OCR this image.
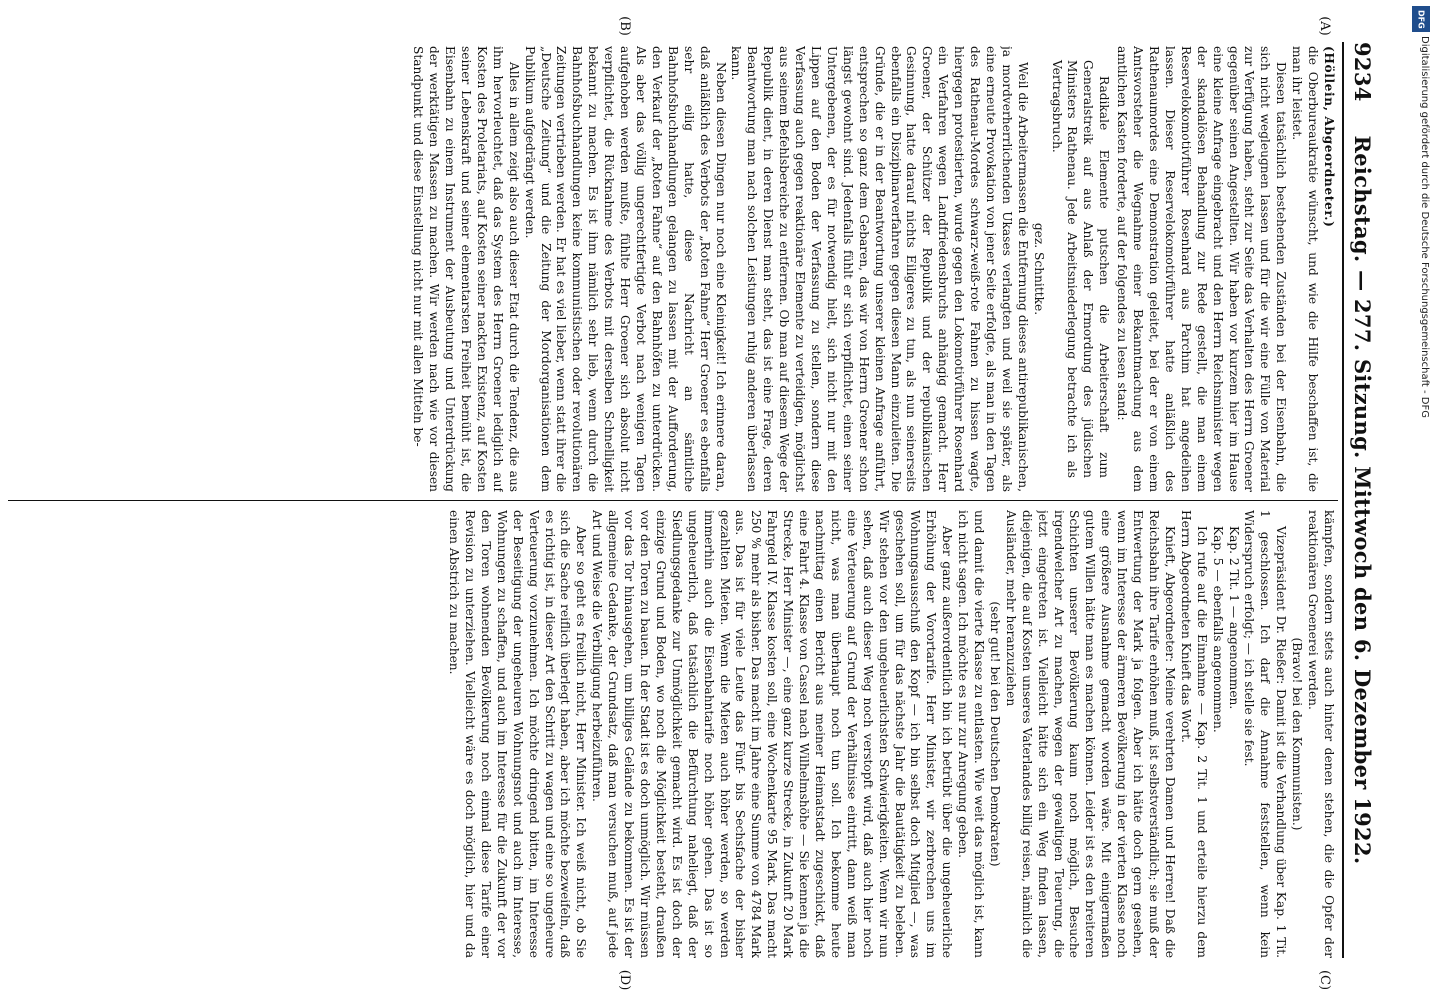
9234
Reichstag. — 277. Sitzung. Mittwoch den 6. Dezember 1922.
(A)
(B)
(C)
(D)

(Höllein, Abgeordneter.)

die Oberbureaukratie wünscht, und wie die Hilfe beschaffen ist, die man ihr leistet.

Diesen tatsächlich bestehenden Zuständen bei der Eisenbahn, die sich nicht wegleugnen lassen und für die wir eine Fülle von Material zur Verfügung haben, steht zur Seite das Verhalten des Herrn Groener gegenüber seinen Angestellten. Wir haben vor kurzem hier im Hause eine kleine Anfrage eingebracht und den Herrn Reichsminister wegen der skandalösen Behandlung zur Rede gestellt, die man einem Reservelokomotivführer Rosenhard aus Parchim hat angedeihen lassen. Dieser Reservelokomotivführer hatte anläßlich des Rathenaumordes eine Demonstration geleitet, bei der er von einem Amtsvorsteher die Wegnahme einer Bekanntmachung aus dem amtlichen Kasten forderte, auf der folgendes zu lesen stand:

Radikale Elemente putschen die Arbeiterschaft zum Generalstreik auf aus Anlaß der Ermordung des jüdischen Ministers Rathenau. Jede Arbeitsniederlegung betrachte ich als Vertragsbruch.

gez. Schnittke.

Weil die Arbeitermassen die Entfernung dieses antirepublikanischen, ja mordverherrlichenden Ukases verlangten und weil sie später, als eine erneute Provokation von jener Seite erfolgte, als man in den Tagen des Rathenau-Mordes schwarz-weiß-rote Fahnen zu hissen wagte, hiergegen protestierten, wurde gegen den Lokomotivführer Rosenhard ein Verfahren wegen Landfriedensbruchs anhängig gemacht. Herr Groener, der Schützer der Republik und der republikanischen Gesinnung, hatte darauf nichts Eiligeres zu tun, als nun seinerseits ebenfalls ein Disziplinarverfahren gegen diesen Mann einzuleiten. Die Gründe, die er in der Beantwortung unserer kleinen Anfrage anführt, entsprechen so ganz dem Gebaren, das wir von Herrn Groener schon längst gewohnt sind. Jedenfalls fühlt er sich verpflichtet, einen seiner Untergebenen, der es für notwendig hielt, sich nicht nur mit den Lippen auf den Boden der Verfassung zu stellen, sondern diese Verfassung auch gegen reaktionäre Elemente zu verteidigen, möglichst aus seinem Befehlsbereiche zu entfernen. Ob man auf diesem Wege der Republik dient, in deren Dienst man steht, das ist eine Frage, deren Beantwortung man nach solchen Leistungen ruhig anderen überlassen kann.

Neben diesen Dingen nur noch eine Kleinigkeit! Ich erinnere daran, daß anläßlich des Verbots der „Roten Fahne“ Herr Groener es ebenfalls sehr eilig hatte, diese Nachricht an sämtliche Bahnhofsbuchhandlungen gelangen zu lassen mit der Aufforderung, den Verkauf der „Roten Fahne“ auf den Bahnhöfen zu unterdrücken. Als aber das völlig ungerechtfertigte Verbot nach wenigen Tagen aufgehoben werden mußte, fühlte Herr Groener sich absolut nicht verpflichtet, die Rücknahme des Verbots mit derselben Schnelligkeit bekannt zu machen. Es ist ihm nämlich sehr lieb, wenn durch die Bahnhofsbuchhandlungen keine kommunistischen oder revolutionären Zeitungen vertrieben werden. Er hat es viel lieber, wenn statt ihrer die „Deutsche Zeitung“ und die Zeitung der Mordorganisationen dem Publikum aufgedrängt werden.

Alles in allem zeigt also auch dieser Etat durch die Tendenz, die aus ihm hervorleuchtet, daß das System des Herrn Groener lediglich auf Kosten des Proletariats, auf Kosten seiner nackten Existenz, auf Kosten seiner Lebenskraft und seiner elementarsten Freiheit bemüht ist, die Eisenbahn zu einem Instrument der Ausbeutung und Unterdrückung der werktätigen Massen zu machen. Wir werden nach wie vor diesen Standpunkt und diese Einstellung nicht nur mit allen Mitteln be-

kämpfen, sondern stets auch hinter denen stehen, die die Opfer der reaktionären Groenerei werden.

(Bravo! bei den Kommunisten.)

Vizepräsident Dr. Rießer: Damit ist die Verhandlung über Kap. 1 Tit. 1 geschlossen. Ich darf die Annahme feststellen, wenn kein Widerspruch erfolgt; — ich stelle sie fest.

Kap. 2 Tit. 1 — angenommen.

Kap. 5 — ebenfalls angenommen.

Ich rufe auf die Einnahme — Kap. 2 Tit. 1 und erteile hierzu dem Herrn Abgeordneten Knieft das Wort.

Knieft, Abgeordneter: Meine verehrten Damen und Herren! Daß die Reichsbahn ihre Tarife erhöhen muß, ist selbstverständlich; sie muß der Entwertung der Mark ja folgen. Aber ich hätte doch gern gesehen, wenn im Interesse der ärmeren Bevölkerung in der vierten Klasse noch eine größere Ausnahme gemacht worden wäre. Mit einigermaßen gutem Willen hätte man es machen können. Leider ist es den breiteren Schichten unserer Bevölkerung kaum noch möglich, Besuche irgendwelcher Art zu machen, wegen der gewaltigen Teuerung, die jetzt eingetreten ist. Vielleicht hätte sich ein Weg finden lassen, diejenigen, die auf Kosten unseres Vaterlandes billig reisen, nämlich die Ausländer, mehr heranzuziehen

(sehr gut! bei den Deutschen Demokraten)

und damit die vierte Klasse zu entlasten. Wie weit das möglich ist, kann ich nicht sagen. Ich möchte es nur zur Anregung geben.

Aber ganz außerordentlich bin ich betrübt über die ungeheuerliche Erhöhung der Vorortarife. Herr Minister, wir zerbrechen uns im Wohnungsausschuß den Kopf — ich bin selbst doch Mitglied —, was geschehen soll, um für das nächste Jahr die Bautätigkeit zu beleben. Wir stehen vor den ungeheuerlichsten Schwierigkeiten. Wenn wir nun sehen, daß auch dieser Weg noch verstopft wird, daß auch hier noch eine Verteuerung auf Grund der Verhältnisse eintritt, dann weiß man nicht, was man überhaupt noch tun soll. Ich bekomme heute nachmittag einen Bericht aus meiner Heimatstadt zugeschickt, daß eine Fahrt 4. Klasse von Cassel nach Wilhelmshöhe — Sie kennen ja die Strecke, Herr Minister —, eine ganz kurze Strecke, in Zukunft 20 Mark Fahrgeld IV. Klasse kosten soll, eine Wochenkarte 95 Mark. Das macht 250 % mehr als bisher. Das macht im Jahre eine Summe von 4784 Mark aus. Das ist für viele Leute das Fünf- bis Sechsfache der bisher gezahlten Mieten. Wenn die Mieten auch höher werden, so werden immerhin auch die Eisenbahntarife noch höher gehen. Das ist so ungeheuerlich, daß tatsächlich die Befürchtung naheliegt, daß der Siedlungsgedanke zur Unmöglichkeit gemacht wird. Es ist doch der einzige Grund und Boden, wo noch die Möglichkeit besteht, draußen vor den Toren zu bauen. In der Stadt ist es doch unmöglich. Wir müssen vor das Tor hinausgehen, um billiges Gelände zu bekommen. Es ist der allgemeine Gedanke, der Grundsatz, daß man versuchen muß, auf jede Art und Weise die Verbilligung herbeizuführen.

Aber so geht es freilich nicht, Herr Minister. Ich weiß nicht, ob Sie sich die Sache reiflich überlegt haben, aber ich möchte bezweifeln, daß es richtig ist, in dieser Art den Schritt zu wagen und eine so ungeheure Verteuerung vorzunehmen. Ich möchte dringend bitten, im Interesse der Beseitigung der ungeheuren Wohnungsnot und auch im Interesse, Wohnungen zu schaffen, und auch im Interesse für die Zukunft der vor den Toren wohnenden Bevölkerung noch einmal diese Tarife einer Revision zu unterziehen. Vielleicht wäre es doch möglich, hier und da einen Abstrich zu machen.

DFG
Digitalisierung gefördert durch die Deutsche Forschungsgemeinschaft - DFG
